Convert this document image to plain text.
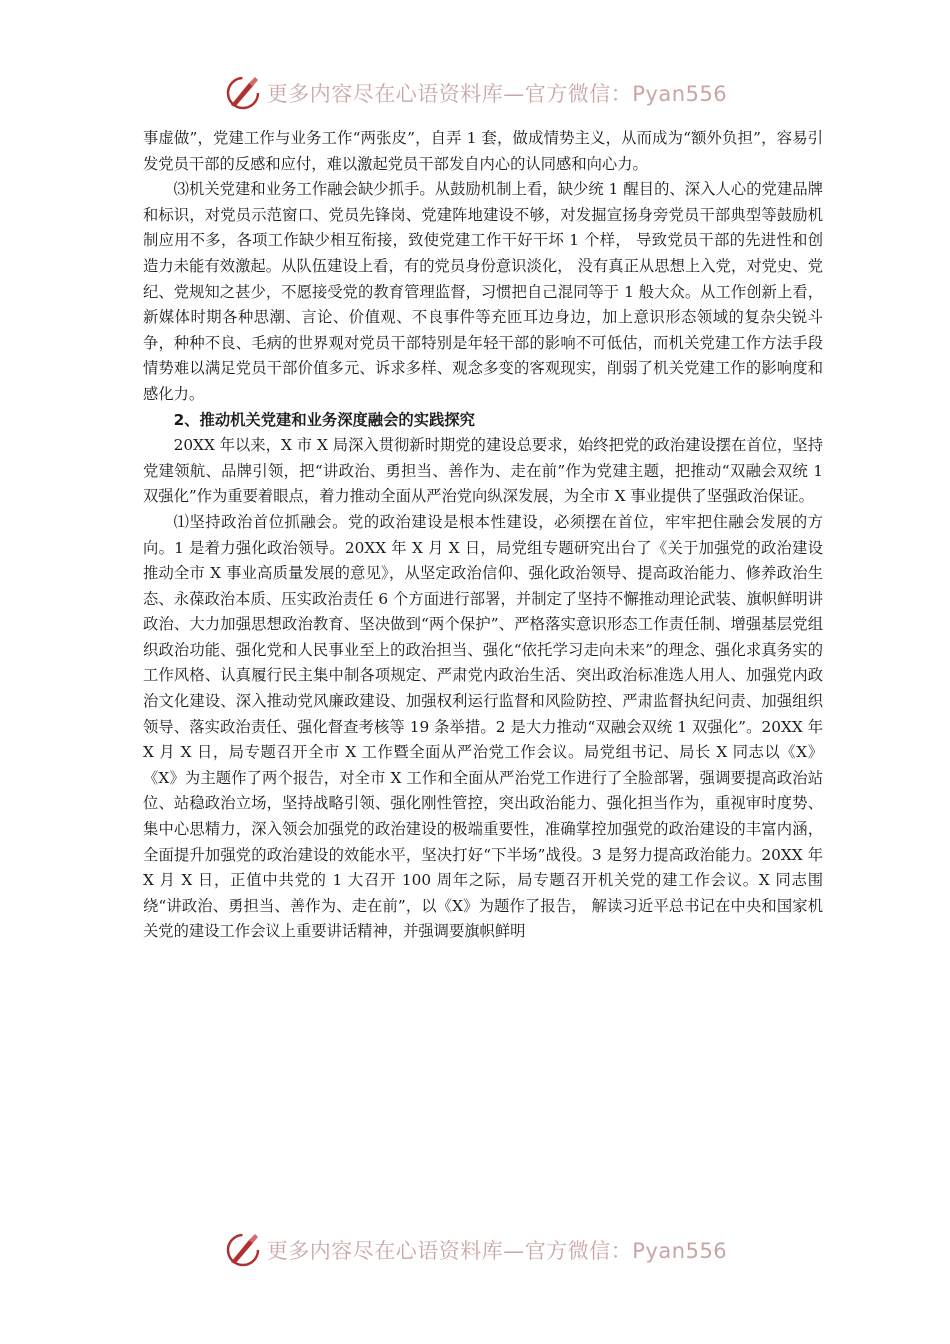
更多内容尽在心语资料库—官方微信：Pyan556

事虚做”，党建工作与业务工作“两张皮”，自弄 1 套，做成情势主义，从而成为“额外负担”，容易引发党员干部的反感和应付，难以激起党员干部发自内心的认同感和向心力。

⑶机关党建和业务工作融会缺少抓手。从鼓励机制上看，缺少统 1 醒目的、深入人心的党建品牌和标识，对党员示范窗口、党员先锋岗、党建阵地建设不够，对发掘宣扬身旁党员干部典型等鼓励机制应用不多，各项工作缺少相互衔接，致使党建工作干好干坏 1 个样， 导致党员干部的先进性和创造力未能有效激起。从队伍建设上看，有的党员身份意识淡化， 没有真正从思想上入党，对党史、党纪、党规知之甚少，不愿接受党的教育管理监督，习惯把自己混同等于 1 般大众。从工作创新上看，新媒体时期各种思潮、言论、价值观、不良事件等充匝耳边身边，加上意识形态领域的复杂尖锐斗争，种种不良、毛病的世界观对党员干部特别是年轻干部的影响不可低估，而机关党建工作方法手段情势难以满足党员干部价值多元、诉求多样、观念多变的客观现实，削弱了机关党建工作的影响度和感化力。

2、推动机关党建和业务深度融会的实践探究

20XX 年以来，X 市 X 局深入贯彻新时期党的建设总要求，始终把党的政治建设摆在首位，坚持党建领航、品牌引领，把“讲政治、勇担当、善作为、走在前”作为党建主题，把推动“双融会双统 1 双强化”作为重要着眼点，着力推动全面从严治党向纵深发展，为全市 X 事业提供了坚强政治保证。

⑴坚持政治首位抓融会。党的政治建设是根本性建设，必须摆在首位，牢牢把住融会发展的方向。1 是着力强化政治领导。20XX 年 X 月 X 日，局党组专题研究出台了《关于加强党的政治建设推动全市 X 事业高质量发展的意见》，从坚定政治信仰、强化政治领导、提高政治能力、修养政治生态、永葆政治本质、压实政治责任 6 个方面进行部署，并制定了坚持不懈推动理论武装、旗帜鲜明讲政治、大力加强思想政治教育、坚决做到“两个保护”、严格落实意识形态工作责任制、增强基层党组织政治功能、强化党和人民事业至上的政治担当、强化“依托学习走向未来”的理念、强化求真务实的工作风格、认真履行民主集中制各项规定、严肃党内政治生活、突出政治标准选人用人、加强党内政治文化建设、深入推动党风廉政建设、加强权利运行监督和风险防控、严肃监督执纪问责、加强组织领导、落实政治责任、强化督查考核等 19 条举措。2 是大力推动“双融会双统 1 双强化”。20XX 年 X 月 X 日，局专题召开全市 X 工作暨全面从严治党工作会议。局党组书记、局长 X 同志以《X》《X》为主题作了两个报告，对全市 X 工作和全面从严治党工作进行了全脸部署，强调要提高政治站位、站稳政治立场，坚持战略引领、强化刚性管控，突出政治能力、强化担当作为，重视审时度势、集中心思精力，深入领会加强党的政治建设的极端重要性，准确掌控加强党的政治建设的丰富内涵，全面提升加强党的政治建设的效能水平，坚决打好“下半场”战役。3 是努力提高政治能力。20XX 年 X 月 X 日，正值中共党的 1 大召开 100 周年之际，局专题召开机关党的建工作会议。X 同志围绕“讲政治、勇担当、善作为、走在前”，以《X》为题作了报告， 解读习近平总书记在中央和国家机关党的建设工作会议上重要讲话精神，并强调要旗帜鲜明

更多内容尽在心语资料库—官方微信：Pyan556
